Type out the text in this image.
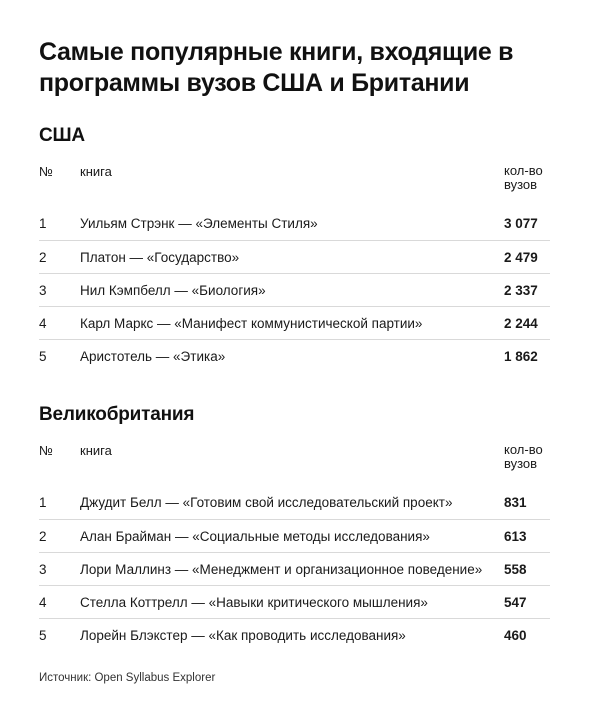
Самые популярные книги, входящие в программы вузов США и Британии
США
№ книга	кол-во вузов
1 Уильям Стрэнк — «Элементы Стиля»	3 077
2 Платон — «Государство»	2 479
3 Нил Кэмпбелл — «Биология»	2 337
4 Карл Маркс — «Манифест коммунистической партии»	2 244
5 Аристотель — «Этика»	1 862
Великобритания
№ книга	кол-во вузов
1 Джудит Белл — «Готовим свой исследовательский проект»	831
2 Алан Брайман — «Социальные методы исследования»	613
3 Лори Маллинз — «Менеджмент и организационное поведение» 558
4 Стелла Коттрелл — «Навыки критического мышления»	547
5 Лорейн Блэкстер — «Как проводить исследования»	460
Источник: Open Syllabus Explorer
